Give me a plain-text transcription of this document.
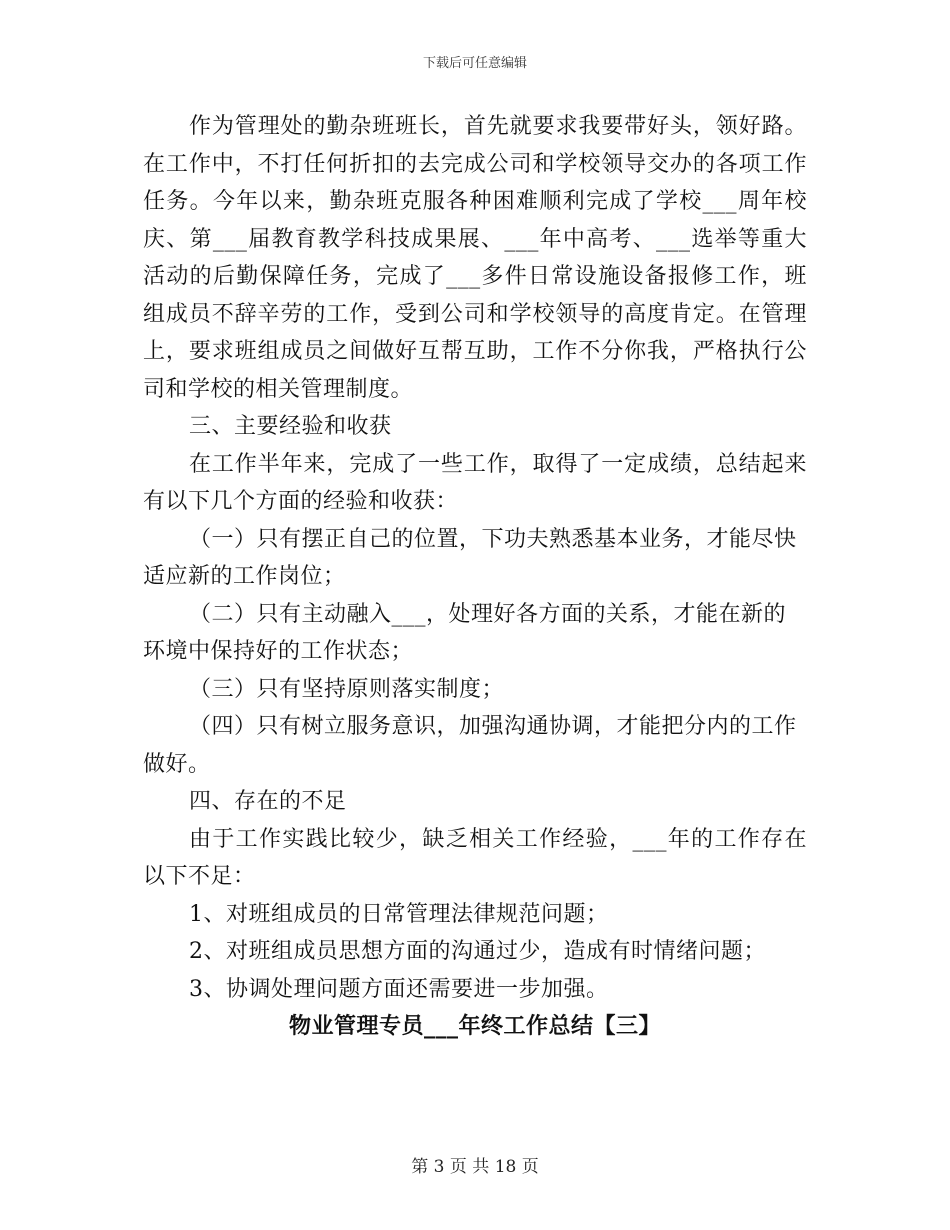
下载后可任意编辑

作为管理处的勤杂班班长，首先就要求我要带好头，领好路。在工作中，不打任何折扣的去完成公司和学校领导交办的各项工作任务。今年以来，勤杂班克服各种困难顺利完成了学校___周年校庆、第___届教育教学科技成果展、___年中高考、___选举等重大活动的后勤保障任务，完成了___多件日常设施设备报修工作，班组成员不辞辛劳的工作，受到公司和学校领导的高度肯定。在管理上，要求班组成员之间做好互帮互助，工作不分你我，严格执行公司和学校的相关管理制度。

三、主要经验和收获

在工作半年来，完成了一些工作，取得了一定成绩，总结起来有以下几个方面的经验和收获：

（一）只有摆正自己的位置，下功夫熟悉基本业务，才能尽快适应新的工作岗位；

（二）只有主动融入___，处理好各方面的关系，才能在新的环境中保持好的工作状态；

（三）只有坚持原则落实制度；

（四）只有树立服务意识，加强沟通协调，才能把分内的工作做好。

四、存在的不足

由于工作实践比较少，缺乏相关工作经验，___年的工作存在以下不足：

1、对班组成员的日常管理法律规范问题；

2、对班组成员思想方面的沟通过少，造成有时情绪问题；

3、协调处理问题方面还需要进一步加强。

物业管理专员___年终工作总结【三】

第 3 页 共 18 页
